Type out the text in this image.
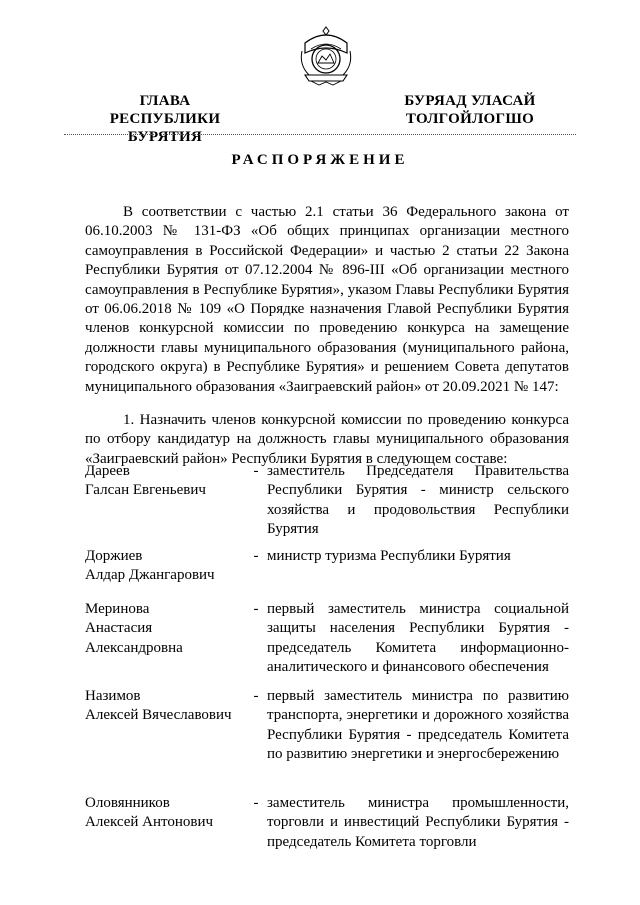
ГЛАВА
РЕСПУБЛИКИ БУРЯТИЯ
БУРЯАД УЛАСАЙ
ТОЛГОЙЛОГШО
РАСПОРЯЖЕНИЕ

В соответствии с частью 2.1 статьи 36 Федерального закона от 06.10.2003 № 131-ФЗ «Об общих принципах организации местного самоуправления в Российской Федерации» и частью 2 статьи 22 Закона Республики Бурятия от 07.12.2004 № 896-III «Об организации местного самоуправления в Республике Бурятия», указом Главы Республики Бурятия от 06.06.2018 № 109 «О Порядке назначения Главой Республики Бурятия членов конкурсной комиссии по проведению конкурса на замещение должности главы муниципального образования (муниципального района, городского округа) в Республике Бурятия» и решением Совета депутатов муниципального образования «Заиграевский район» от 20.09.2021 № 147:

1. Назначить членов конкурсной комиссии по проведению конкурса по отбору кандидатур на должность главы муниципального образования «Заиграевский район» Республики Бурятия в следующем составе:

Дареев
Галсан Евгеньевич
- заместитель Председателя Правительства Республики Бурятия - министр сельского хозяйства и продовольствия Республики Бурятия
Доржиев
Алдар Джангарович
- министр туризма Республики Бурятия
Меринова
Анастасия
Александровна
- первый заместитель министра социальной защиты населения Республики Бурятия - председатель Комитета информационно-аналитического и финансового обеспечения
Назимов
Алексей Вячеславович
- первый заместитель министра по развитию транспорта, энергетики и дорожного хозяйства Республики Бурятия - председатель Комитета по развитию энергетики и энергосбережению
Оловянников
Алексей Антонович
- заместитель министра промышленности, торговли и инвестиций Республики Бурятия - председатель Комитета торговли
